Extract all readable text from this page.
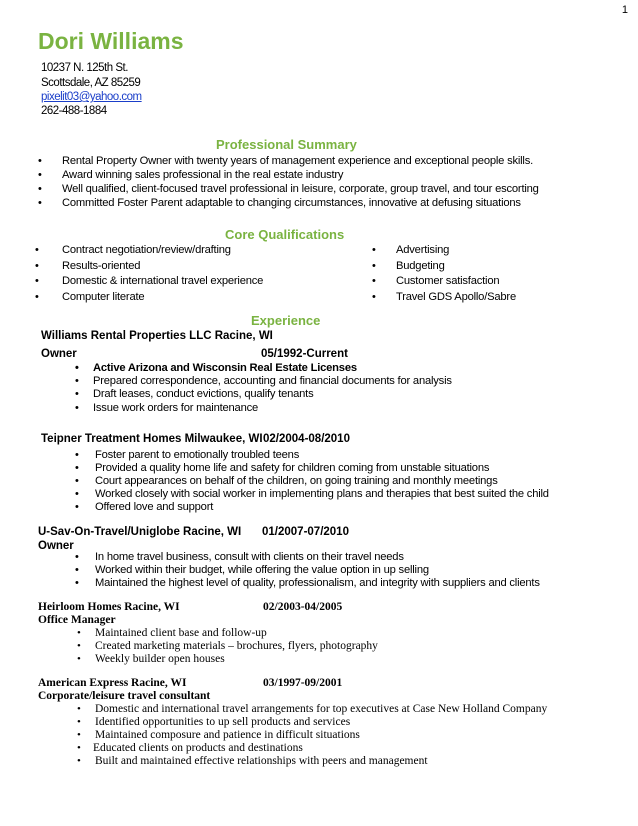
1
Dori Williams
10237 N. 125th St.
Scottsdale, AZ 85259
pixelit03@yahoo.com
262-488-1884
Professional Summary
• Rental Property Owner with twenty years of management experience and exceptional people skills.
• Award winning sales professional in the real estate industry
• Well qualified, client-focused travel professional in leisure, corporate, group travel, and tour escorting
• Committed Foster Parent adaptable to changing circumstances, innovative at defusing situations
Core Qualifications
• Contract negotiation/review/drafting
• Results-oriented
• Domestic & international travel experience
• Computer literate
• Advertising
• Budgeting
• Customer satisfaction
• Travel GDS Apollo/Sabre
Experience
Williams Rental Properties LLC Racine, WI
Owner	05/1992-Current
• Active Arizona and Wisconsin Real Estate Licenses
• Prepared correspondence, accounting and financial documents for analysis
• Draft leases, conduct evictions, qualify tenants
• Issue work orders for maintenance
Teipner Treatment Homes Milwaukee, WI 02/2004-08/2010
• Foster parent to emotionally troubled teens
• Provided a quality home life and safety for children coming from unstable situations
• Court appearances on behalf of the children, on going training and monthly meetings
• Worked closely with social worker in implementing plans and therapies that best suited the child
• Offered love and support
U-Sav-On-Travel/Uniglobe Racine, WI
Owner
01/2007-07/2010
• In home travel business, consult with clients on their travel needs
• Worked within their budget, while offering the value option in up selling
• Maintained the highest level of quality, professionalism, and integrity with suppliers and clients
Heirloom Homes Racine, WI
Office Manager
02/2003-04/2005
• Maintained client base and follow-up
• Created marketing materials – brochures, flyers, photography
• Weekly builder open houses
American Express Racine, WI
Corporate/leisure travel consultant
03/1997-09/2001
• Domestic and international travel arrangements for top executives at Case New Holland Company
• Identified opportunities to up sell products and services
• Maintained composure and patience in difficult situations
• Educated clients on products and destinations
• Built and maintained effective relationships with peers and management
